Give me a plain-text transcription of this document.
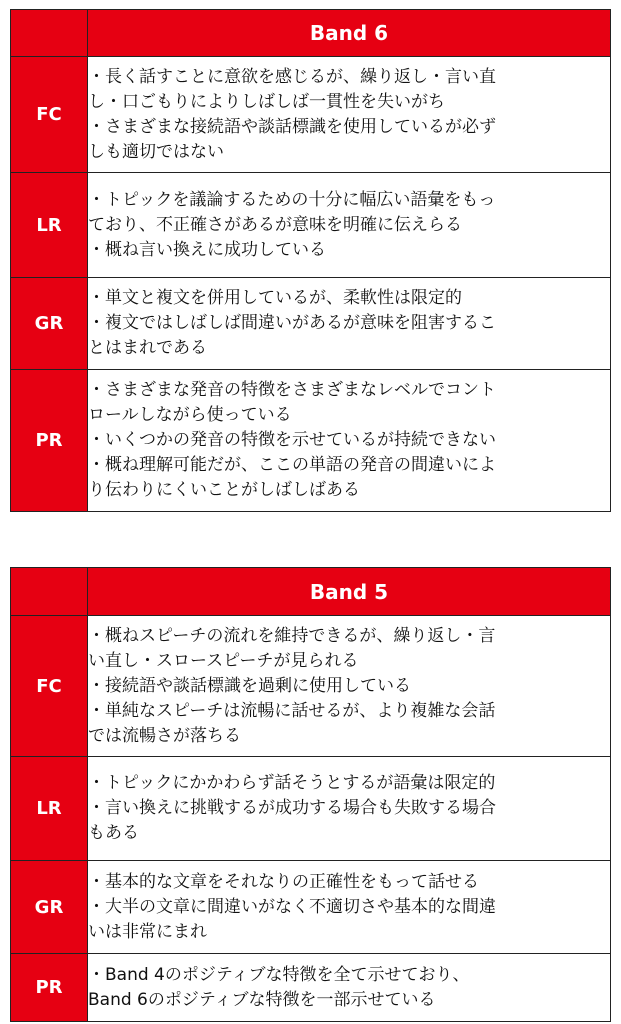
	Band 6
FC	・長く話すことに意欲を感じるが、繰り返し・言い直
し・口ごもりによりしばしば一貫性を失いがち
・さまざまな接続語や談話標識を使用しているが必ず
しも適切ではない

LR	・トピックを議論するための十分に幅広い語彙をもっ
ており、不正確さがあるが意味を明確に伝えらる
・概ね言い換えに成功している

GR	・単文と複文を併用しているが、柔軟性は限定的
・複文ではしばしば間違いがあるが意味を阻害するこ
とはまれである

PR	・さまざまな発音の特徴をさまざまなレベルでコント
ロールしながら使っている
・いくつかの発音の特徴を示せているが持続できない
・概ね理解可能だが、ここの単語の発音の間違いによ
り伝わりにくいことがしばしばある
	Band 5
FC	・概ねスピーチの流れを維持できるが、繰り返し・言
い直し・スロースピーチが見られる
・接続語や談話標識を過剰に使用している
・単純なスピーチは流暢に話せるが、より複雑な会話
では流暢さが落ちる

LR	・トピックにかかわらず話そうとするが語彙は限定的
・言い換えに挑戦するが成功する場合も失敗する場合
もある

GR	・基本的な文章をそれなりの正確性をもって話せる
・大半の文章に間違いがなく不適切さや基本的な間違
いは非常にまれ

PR	・Band 4のポジティブな特徴を全て示せており、
Band 6のポジティブな特徴を一部示せている
